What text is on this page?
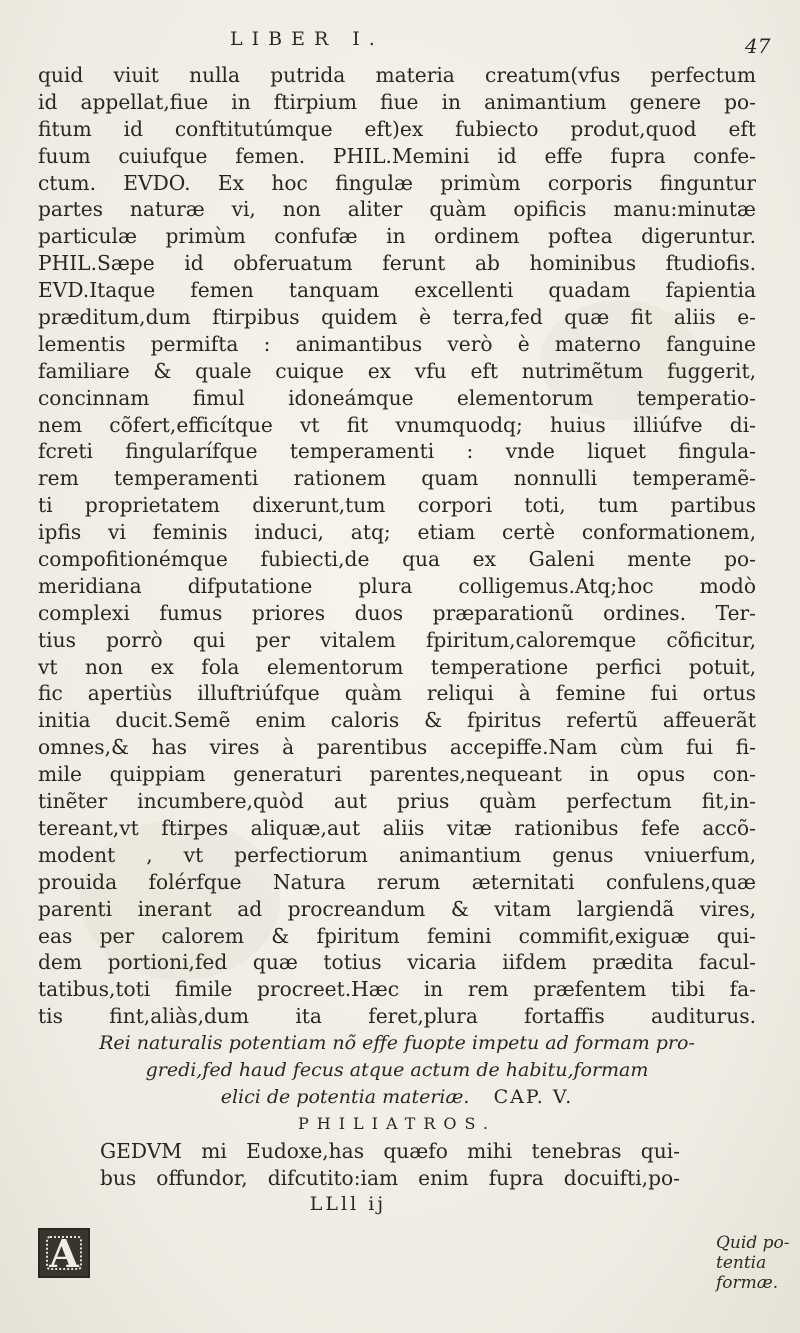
LIBER I.	47
quid viuit nulla putrida materia creatum(vfus perfectum
id appellat,fiue in ftirpium fiue in animantium genere po-
fitum id conftitutúmque eft)ex fubiecto produt,quod eft
fuum cuiufque femen. PHIL.Memini id effe fupra confe-
ctum. EVDO. Ex hoc fingulæ primùm corporis finguntur
partes naturæ vi, non aliter quàm opificis manu:minutæ
particulæ primùm confufæ in ordinem poftea digeruntur.
PHIL.Sæpe id obferuatum ferunt ab hominibus ftudiofis.
EVD.Itaque femen tanquam excellenti quadam fapientia
præditum,dum ftirpibus quidem è terra,fed quæ fit aliis e-
lementis permifta : animantibus verò è materno fanguine
familiare & quale cuique ex vfu eft nutrimẽtum fuggerit,
concinnam fimul idoneámque elementorum temperatio-
nem cõfert,efficítque vt fit vnumquodq; huius illiúfve di-
fcreti fingularífque temperamenti : vnde liquet fingula-
rem temperamenti rationem quam nonnulli temperamẽ-
ti proprietatem dixerunt,tum corpori toti, tum partibus
ipfis vi feminis induci, atq; etiam certè conformationem,
compofitionémque fubiecti,de qua ex Galeni mente po-
meridiana difputatione plura colligemus.Atq;hoc modò
complexi fumus priores duos præparationũ ordines. Ter-
tius porrò qui per vitalem fpiritum,caloremque cõficitur,
vt non ex fola elementorum temperatione perfici potuit,
fic apertiùs illuftriúfque quàm reliqui à femine fui ortus
initia ducit.Semẽ enim caloris & fpiritus refertũ affeuerãt
omnes,& has vires à parentibus accepiffe.Nam cùm fui fi-
mile quippiam generaturi parentes,nequeant in opus con-
tinẽter incumbere,quòd aut prius quàm perfectum fit,in-
tereant,vt ftirpes aliquæ,aut aliis vitæ rationibus fefe accõ-
modent , vt perfectiorum animantium genus vniuerfum,
prouida folérfque Natura rerum æternitati confulens,quæ
parenti inerant ad procreandum & vitam largiendã vires,
eas per calorem & fpiritum femini commifit,exiguæ qui-
dem portioni,fed quæ totius vicaria iifdem prædita facul-
tatibus,toti fimile procreet.Hæc in rem præfentem tibi fa-
tis fint,aliàs,dum ita feret,plura fortaffis auditurus.
Rei naturalis potentiam nõ effe fuopte impetu ad formam pro-
gredi,fed haud fecus atque actum de habitu,formam
elici de potentia materiæ. CAP. V.
PHILIATROS.
GEDVM mi Eudoxe,has quæfo mihi tenebras qui-
bus offundor, difcutito:iam enim fupra docuifti,po-
LLll ij
A	Quid po-
tentia
formæ.
